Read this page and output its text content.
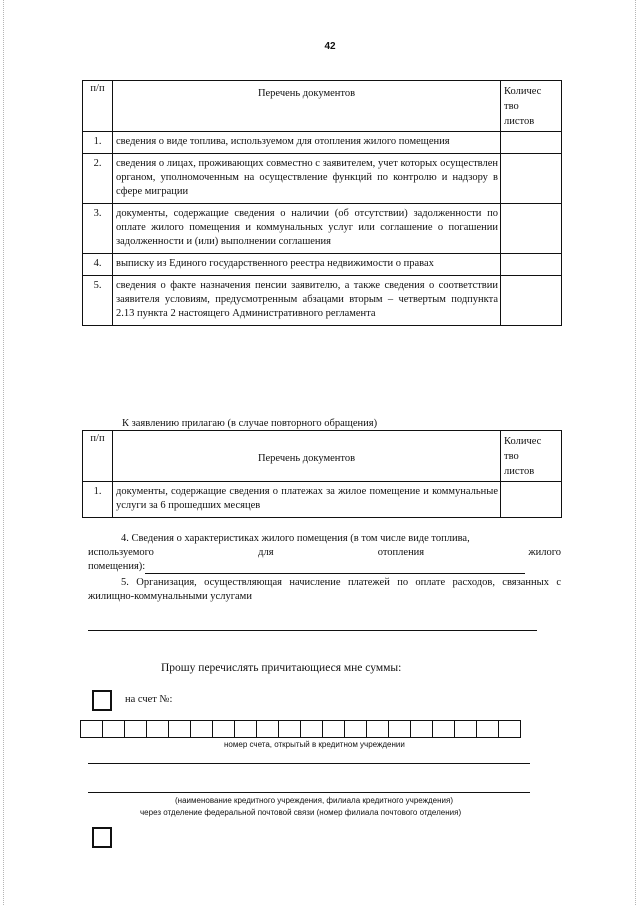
42
п/п	Перечень документов	Количес
тво
листов
1.	сведения о виде топлива, используемом для отопления жилого помещения	
2.	сведения о лицах, проживающих совместно с заявителем, учет которых осуществлен органом, уполномоченным на осуществление функций по контролю и надзору в сфере миграции	
3.	документы, содержащие сведения о наличии (об отсутствии) задолженности по оплате жилого помещения и коммунальных услуг или соглашение о погашении задолженности и (или) выполнении соглашения	
4.	выписку из Единого государственного реестра недвижимости о правах	
5.	сведения о факте назначения пенсии заявителю, а также сведения о соответствии заявителя условиям, предусмотренным абзацами вторым – четвертым подпункта 2.13 пункта 2 настоящего Административного регламента	
К заявлению прилагаю (в случае повторного обращения)
п/п	Перечень документов	Количес
тво
листов
1.	документы, содержащие сведения о платежах за жилое помещение и коммунальные услуги за 6 прошедших месяцев	
4. Сведения о характеристиках жилого помещения (в том числе виде топлива,
используемого	для	отопления	жилого
помещения):
5. Организация, осуществляющая начисление платежей по оплате расходов, связанных с жилищно-коммунальными услугами
Прошу перечислять причитающиеся мне суммы:
на счет №:
номер счета, открытый в кредитном учреждении
(наименование кредитного учреждения, филиала кредитного учреждения)
через отделение федеральной почтовой связи (номер филиала почтового отделения)
